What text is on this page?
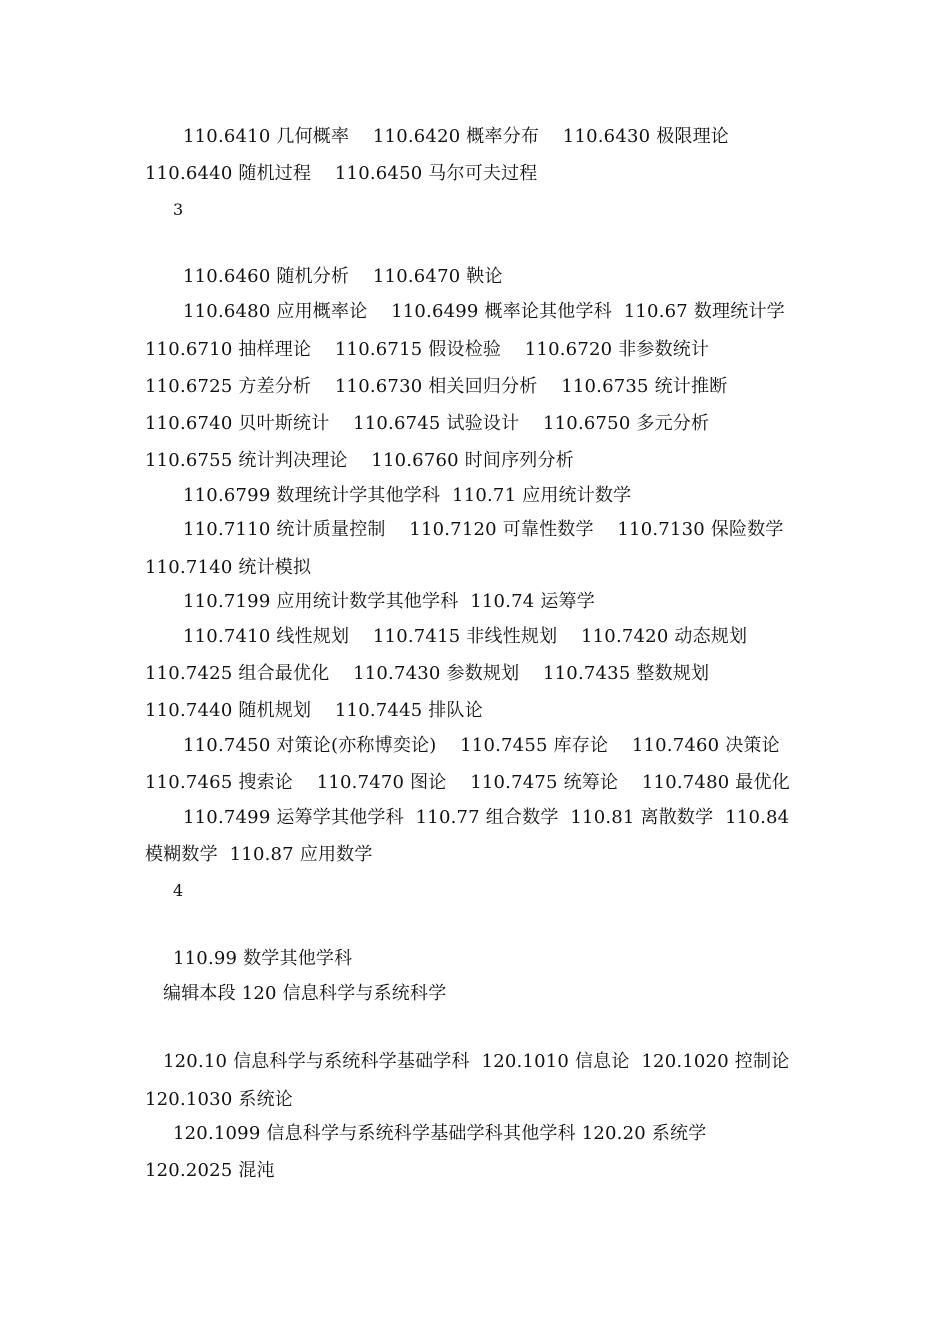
110.6410 几何概率    110.6420 概率分布    110.6430 极限理论
110.6440 随机过程    110.6450 马尔可夫过程
3
110.6460 随机分析    110.6470 鞅论
110.6480 应用概率论    110.6499 概率论其他学科  110.67 数理统计学
110.6710 抽样理论    110.6715 假设检验    110.6720 非参数统计
110.6725 方差分析    110.6730 相关回归分析    110.6735 统计推断
110.6740 贝叶斯统计    110.6745 试验设计    110.6750 多元分析
110.6755 统计判决理论    110.6760 时间序列分析
110.6799 数理统计学其他学科  110.71 应用统计数学
110.7110 统计质量控制    110.7120 可靠性数学    110.7130 保险数学
110.7140 统计模拟
110.7199 应用统计数学其他学科  110.74 运筹学
110.7410 线性规划    110.7415 非线性规划    110.7420 动态规划
110.7425 组合最优化    110.7430 参数规划    110.7435 整数规划
110.7440 随机规划    110.7445 排队论
110.7450 对策论(亦称博奕论)    110.7455 库存论    110.7460 决策论
110.7465 搜索论    110.7470 图论    110.7475 统筹论    110.7480 最优化
110.7499 运筹学其他学科  110.77 组合数学  110.81 离散数学  110.84
模糊数学  110.87 应用数学
4
110.99 数学其他学科
编辑本段 120 信息科学与系统科学
120.10 信息科学与系统科学基础学科  120.1010 信息论  120.1020 控制论
120.1030 系统论
120.1099 信息科学与系统科学基础学科其他学科 120.20 系统学
120.2025 混沌
